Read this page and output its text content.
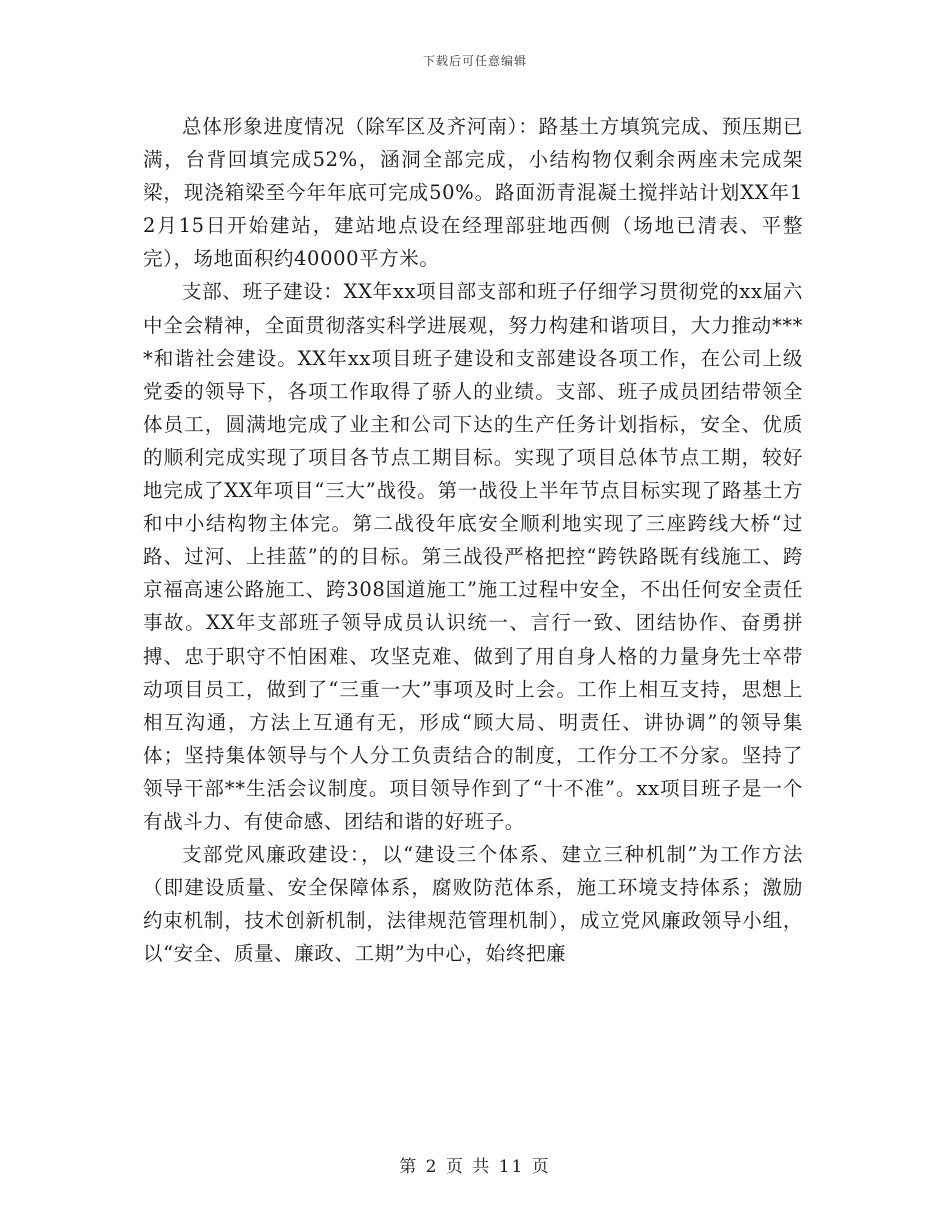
下载后可任意编辑

总体形象进度情况（除军区及齐河南）：路基土方填筑完成、预压期已满，台背回填完成52%，涵洞全部完成，小结构物仅剩余两座未完成架梁，现浇箱梁至今年年底可完成50%。路面沥青混凝土搅拌站计划XX年12月15日开始建站，建站地点设在经理部驻地西侧（场地已清表、平整完），场地面积约40000平方米。

支部、班子建设：XX年xx项目部支部和班子仔细学习贯彻党的xx届六中全会精神，全面贯彻落实科学进展观，努力构建和谐项目，大力推动****和谐社会建设。XX年xx项目班子建设和支部建设各项工作，在公司上级党委的领导下，各项工作取得了骄人的业绩。支部、班子成员团结带领全体员工，圆满地完成了业主和公司下达的生产任务计划指标，安全、优质的顺利完成实现了项目各节点工期目标。实现了项目总体节点工期，较好地完成了XX年项目“三大”战役。第一战役上半年节点目标实现了路基土方和中小结构物主体完。第二战役年底安全顺利地实现了三座跨线大桥“过路、过河、上挂蓝”的的目标。第三战役严格把控“跨铁路既有线施工、跨京福高速公路施工、跨308国道施工”施工过程中安全，不出任何安全责任事故。XX年支部班子领导成员认识统一、言行一致、团结协作、奋勇拼搏、忠于职守不怕困难、攻坚克难、做到了用自身人格的力量身先士卒带动项目员工，做到了“三重一大”事项及时上会。工作上相互支持，思想上相互沟通，方法上互通有无，形成“顾大局、明责任、讲协调”的领导集体；坚持集体领导与个人分工负责结合的制度，工作分工不分家。坚持了领导干部**生活会议制度。项目领导作到了“十不准”。xx项目班子是一个有战斗力、有使命感、团结和谐的好班子。

支部党风廉政建设：，以“建设三个体系、建立三种机制”为工作方法（即建设质量、安全保障体系，腐败防范体系，施工环境支持体系；激励约束机制，技术创新机制，法律规范管理机制），成立党风廉政领导小组，以“安全、质量、廉政、工期”为中心，始终把廉

第 2 页 共 11 页
